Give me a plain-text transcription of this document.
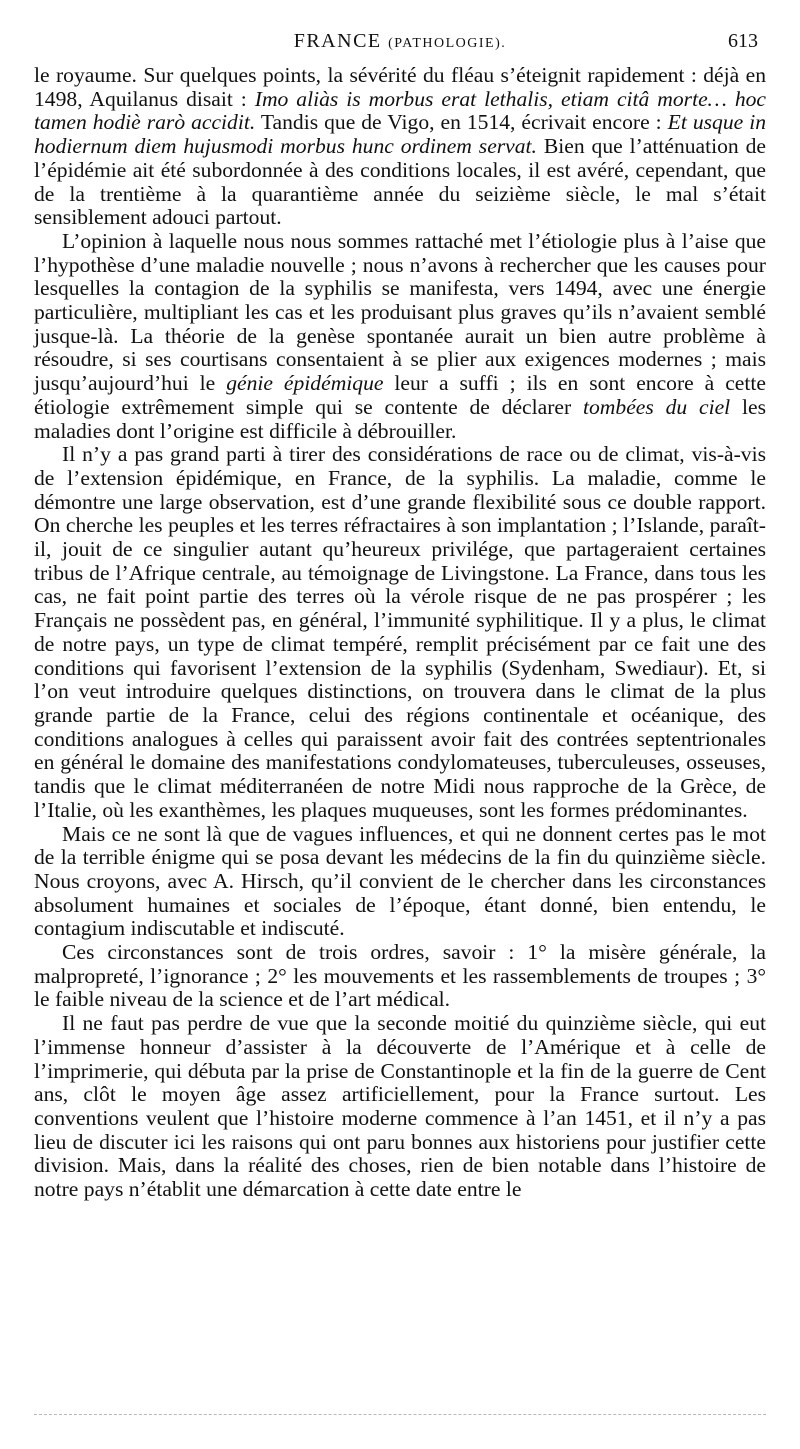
FRANCE (PATHOLOGIE).	613

le royaume. Sur quelques points, la sévérité du fléau s’éteignit rapidement : déjà en 1498, Aquilanus disait : Imo aliàs is morbus erat lethalis, etiam citâ morte… hoc tamen hodiè rarò accidit. Tandis que de Vigo, en 1514, écrivait encore : Et usque in hodiernum diem hujusmodi morbus hunc ordinem servat. Bien que l’atténuation de l’épidémie ait été subordonnée à des conditions locales, il est avéré, cependant, que de la trentième à la quarantième année du seizième siècle, le mal s’était sensiblement adouci partout.

L’opinion à laquelle nous nous sommes rattaché met l’étiologie plus à l’aise que l’hypothèse d’une maladie nouvelle ; nous n’avons à rechercher que les causes pour lesquelles la contagion de la syphilis se manifesta, vers 1494, avec une énergie particulière, multipliant les cas et les produisant plus graves qu’ils n’avaient semblé jusque-là. La théorie de la genèse spontanée aurait un bien autre problème à résoudre, si ses courtisans consentaient à se plier aux exigences modernes ; mais jusqu’aujourd’hui le génie épidémique leur a suffi ; ils en sont encore à cette étiologie extrêmement simple qui se contente de déclarer tombées du ciel les maladies dont l’origine est difficile à débrouiller.

Il n’y a pas grand parti à tirer des considérations de race ou de climat, vis-à-vis de l’extension épidémique, en France, de la syphilis. La maladie, comme le démontre une large observation, est d’une grande flexibilité sous ce double rapport. On cherche les peuples et les terres réfractaires à son implantation ; l’Islande, paraît-il, jouit de ce singulier autant qu’heureux privilége, que partageraient certaines tribus de l’Afrique centrale, au témoignage de Livingstone. La France, dans tous les cas, ne fait point partie des terres où la vérole risque de ne pas prospérer ; les Français ne possèdent pas, en général, l’immunité syphilitique. Il y a plus, le climat de notre pays, un type de climat tempéré, remplit précisément par ce fait une des conditions qui favorisent l’extension de la syphilis (Sydenham, Swediaur). Et, si l’on veut introduire quelques distinctions, on trouvera dans le climat de la plus grande partie de la France, celui des régions continentale et océanique, des conditions analogues à celles qui paraissent avoir fait des contrées septentrionales en général le domaine des manifestations condylomateuses, tuberculeuses, osseuses, tandis que le climat méditerranéen de notre Midi nous rapproche de la Grèce, de l’Italie, où les exanthèmes, les plaques muqueuses, sont les formes prédominantes.

Mais ce ne sont là que de vagues influences, et qui ne donnent certes pas le mot de la terrible énigme qui se posa devant les médecins de la fin du quinzième siècle. Nous croyons, avec A. Hirsch, qu’il convient de le chercher dans les circonstances absolument humaines et sociales de l’époque, étant donné, bien entendu, le contagium indiscutable et indiscuté.

Ces circonstances sont de trois ordres, savoir : 1° la misère générale, la malpropreté, l’ignorance ; 2° les mouvements et les rassemblements de troupes ; 3° le faible niveau de la science et de l’art médical.

Il ne faut pas perdre de vue que la seconde moitié du quinzième siècle, qui eut l’immense honneur d’assister à la découverte de l’Amérique et à celle de l’imprimerie, qui débuta par la prise de Constantinople et la fin de la guerre de Cent ans, clôt le moyen âge assez artificiellement, pour la France surtout. Les conventions veulent que l’histoire moderne commence à l’an 1451, et il n’y a pas lieu de discuter ici les raisons qui ont paru bonnes aux historiens pour justifier cette division. Mais, dans la réalité des choses, rien de bien notable dans l’histoire de notre pays n’établit une démarcation à cette date entre le
